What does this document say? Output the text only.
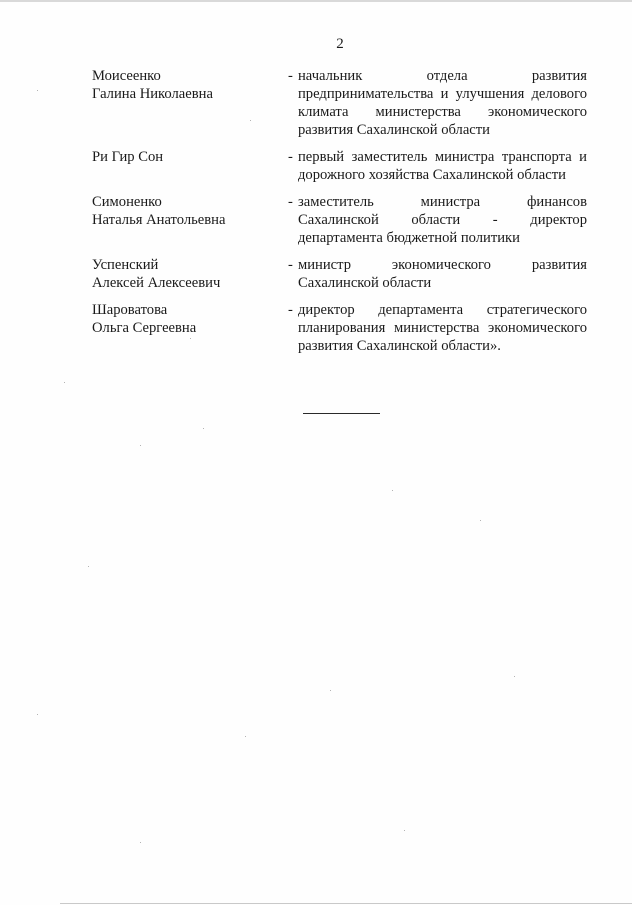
2
Моисеенко
Галина Николаевна
- начальник отдела развития
предпринимательства и улучшения делового
климата министерства экономического
развития Сахалинской области
Ри Гир Сон	- первый заместитель министра транспорта и
дорожного хозяйства Сахалинской области
Симоненко
Наталья Анатольевна
- заместитель министра финансов
Сахалинской области - директор
департамента бюджетной политики
Успенский
Алексей Алексеевич
- министр экономического развития
Сахалинской области
Шароватова
Ольга Сергеевна
- директор департамента стратегического
планирования министерства экономического
развития Сахалинской области».
